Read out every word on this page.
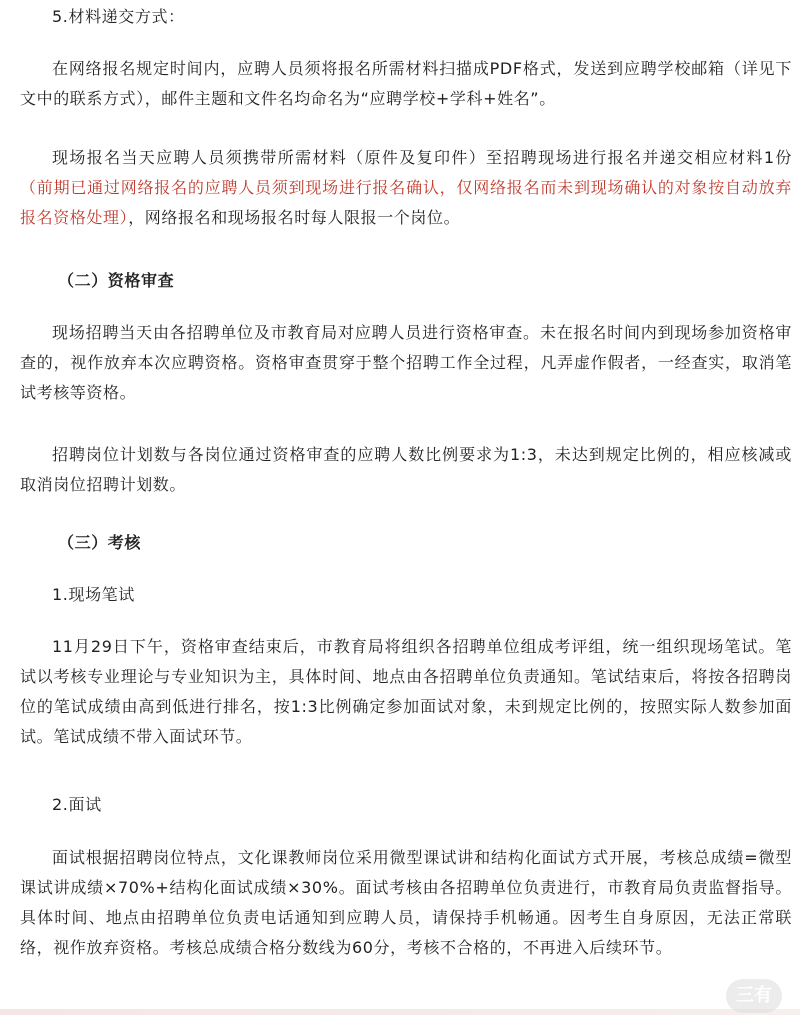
5.材料递交方式：

在网络报名规定时间内，应聘人员须将报名所需材料扫描成PDF格式，发送到应聘学校邮箱（详见下文中的联系方式），邮件主题和文件名均命名为“应聘学校+学科+姓名”。

现场报名当天应聘人员须携带所需材料（原件及复印件）至招聘现场进行报名并递交相应材料1份（前期已通过网络报名的应聘人员须到现场进行报名确认，仅网络报名而未到现场确认的对象按自动放弃报名资格处理），网络报名和现场报名时每人限报一个岗位。

（二）资格审查

现场招聘当天由各招聘单位及市教育局对应聘人员进行资格审查。未在报名时间内到现场参加资格审查的，视作放弃本次应聘资格。资格审查贯穿于整个招聘工作全过程，凡弄虚作假者，一经查实，取消笔试考核等资格。

招聘岗位计划数与各岗位通过资格审查的应聘人数比例要求为1:3，未达到规定比例的，相应核减或取消岗位招聘计划数。

（三）考核

1.现场笔试

11月29日下午，资格审查结束后，市教育局将组织各招聘单位组成考评组，统一组织现场笔试。笔试以考核专业理论与专业知识为主，具体时间、地点由各招聘单位负责通知。笔试结束后，将按各招聘岗位的笔试成绩由高到低进行排名，按1:3比例确定参加面试对象，未到规定比例的，按照实际人数参加面试。笔试成绩不带入面试环节。

2.面试

面试根据招聘岗位特点，文化课教师岗位采用微型课试讲和结构化面试方式开展，考核总成绩=微型课试讲成绩×70%+结构化面试成绩×30%。面试考核由各招聘单位负责进行，市教育局负责监督指导。具体时间、地点由招聘单位负责电话通知到应聘人员，请保持手机畅通。因考生自身原因，无法正常联络，视作放弃资格。考核总成绩合格分数线为60分，考核不合格的，不再进入后续环节。

三有
